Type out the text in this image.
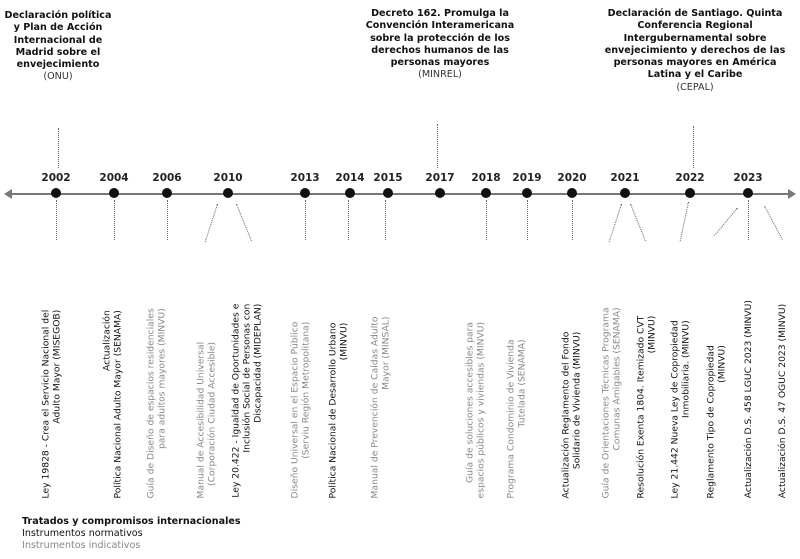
Declaración política y Plan de Acción Internacional de Madrid sobre el envejecimiento
(ONU)
Decreto 162. Promulga la Convención Interamericana sobre la protección de los derechos humanos de las personas mayores
(MINREL)
Declaración de Santiago. Quinta Conferencia Regional Intergubernamental sobre envejecimiento y derechos de las personas mayores en América Latina y el Caribe
(CEPAL)
2002	2004 2006	2010	2013 2014 2015 2017 2018 2019 2020 2021	2022	2023
Ley 19828 - Crea el Servicio Nacional del Adulto Mayor (MISEGOB)	Actualización Política Nacional Adulto Mayor (SENAMA) Guía de Diseño de espacios residenciales para adultos mayores (MINVU)	Manual de Accesibilidad Universal (Corporación Ciudad Accesible) Ley 20.422 - Igualdad de Oportunidades e Inclusión Social de Personas con Discapacidad (MIDEPLAN)	Diseño Universal en el Espacio Público (Serviu Región Metropolitana) Política Nacional de Desarrollo Urbano (MINVU) Manual de Prevención de Caídas Adulto Mayor (MINSAL)	Guía de soluciones accesibles para espacios públicos y viviendas (MINVU) Programa Condominio de Vivienda Tutelada (SENAMA)	Actualización Reglamento del Fondo Solidario de Vivienda (MINVU) Guía de Orientaciones Técnicas Programa Comunas Amigables (SENAMA) Resolución Exenta 1804. Itemizado CVT (MINVU) Ley 21.442 Nueva Ley de Copropiedad Inmobiliaria. (MINVU) Reglamento Tipo de Copropiedad (MINVU) Actualización D.S. 458 LGUC 2023 (MINVU)	Actualización D.S. 47 OGUC 2023 (MINVU)
Tratados y compromisos internacionales
Instrumentos normativos
Instrumentos indicativos
